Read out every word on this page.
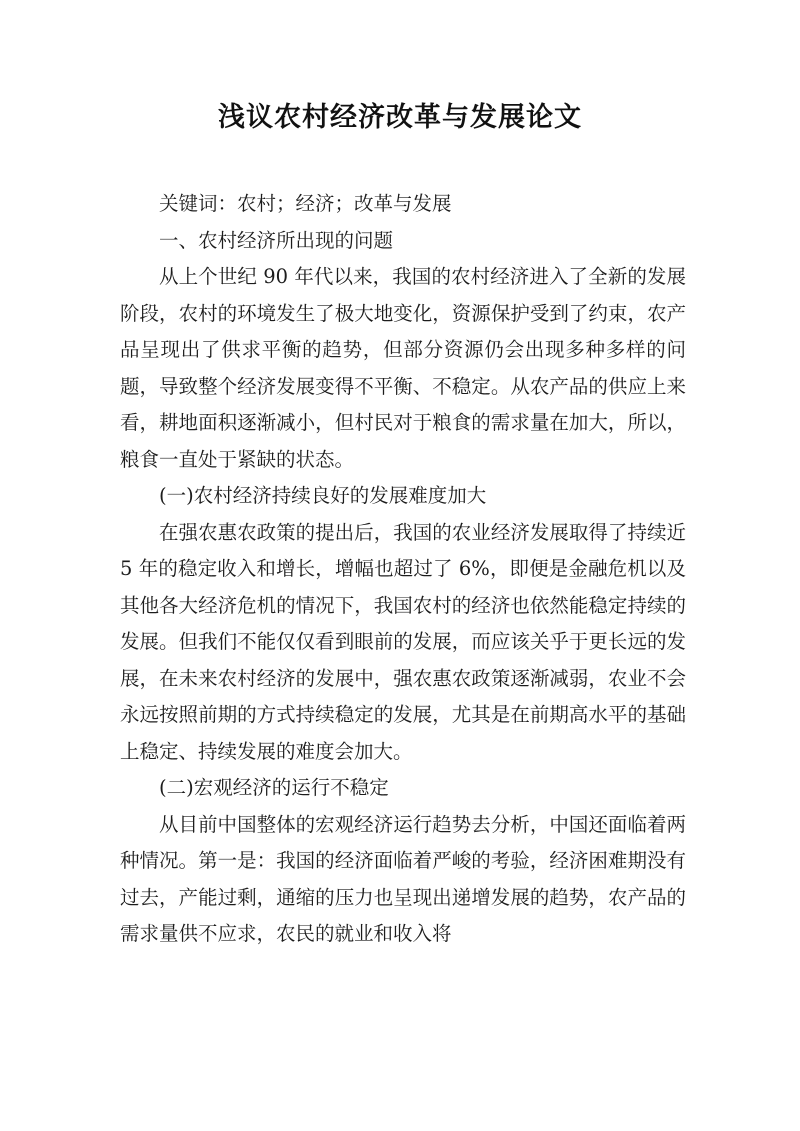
浅议农村经济改革与发展论文

关键词：农村；经济；改革与发展

一、农村经济所出现的问题

从上个世纪 90 年代以来，我国的农村经济进入了全新的发展阶段，农村的环境发生了极大地变化，资源保护受到了约束，农产品呈现出了供求平衡的趋势，但部分资源仍会出现多种多样的问题，导致整个经济发展变得不平衡、不稳定。从农产品的供应上来看，耕地面积逐渐减小，但村民对于粮食的需求量在加大，所以，粮食一直处于紧缺的状态。

(一)农村经济持续良好的发展难度加大

在强农惠农政策的提出后，我国的农业经济发展取得了持续近 5 年的稳定收入和增长，增幅也超过了 6%，即便是金融危机以及其他各大经济危机的情况下，我国农村的经济也依然能稳定持续的发展。但我们不能仅仅看到眼前的发展，而应该关乎于更长远的发展，在未来农村经济的发展中，强农惠农政策逐渐减弱，农业不会永远按照前期的方式持续稳定的发展，尤其是在前期高水平的基础上稳定、持续发展的难度会加大。

(二)宏观经济的运行不稳定

从目前中国整体的宏观经济运行趋势去分析，中国还面临着两种情况。第一是：我国的经济面临着严峻的考验，经济困难期没有过去，产能过剩，通缩的压力也呈现出递增发展的趋势，农产品的需求量供不应求，农民的就业和收入将
